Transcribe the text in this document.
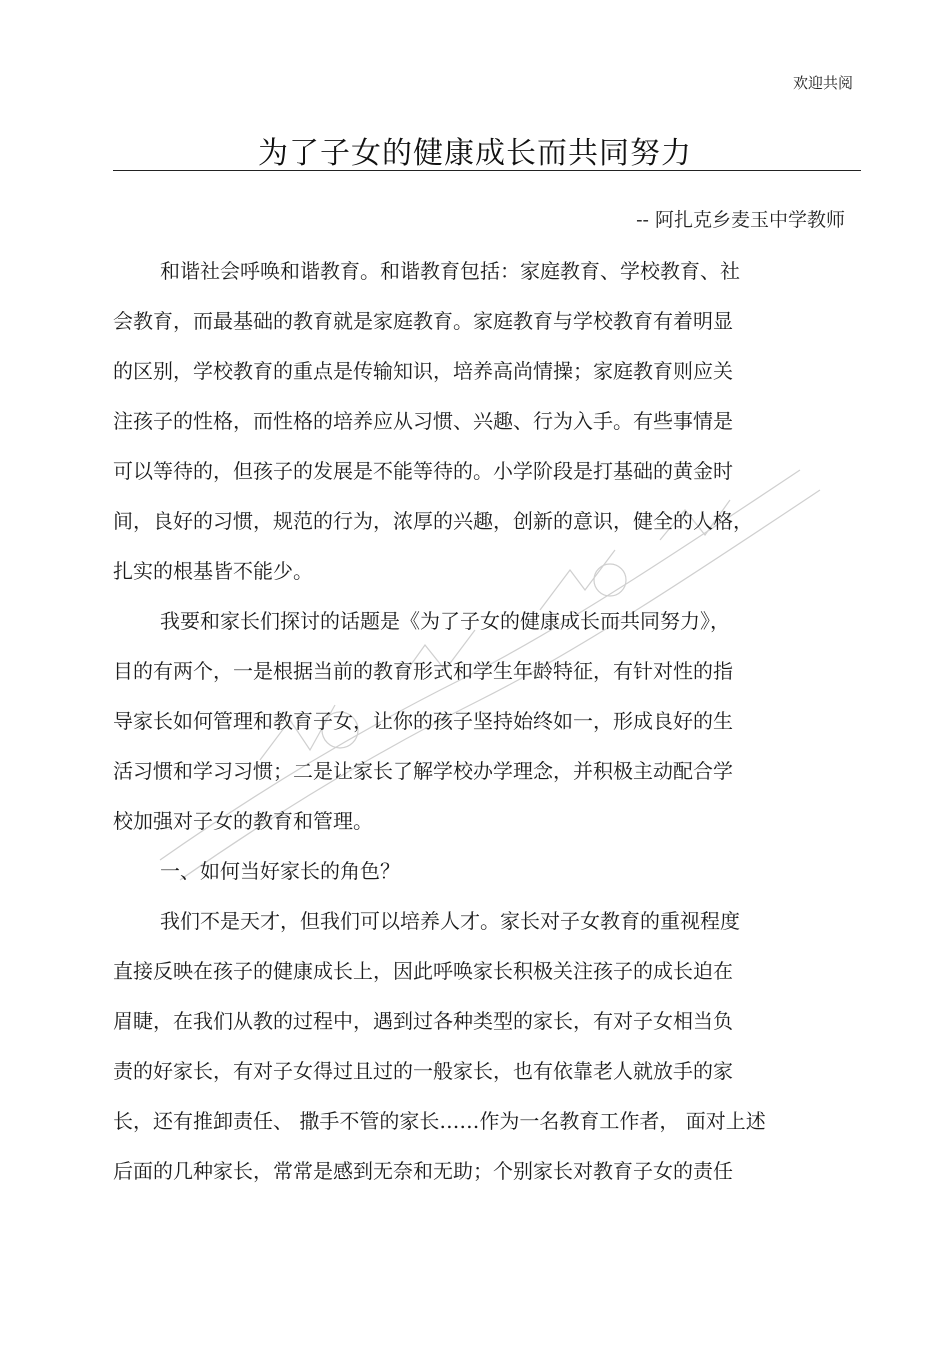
欢迎共阅
为了子女的健康成长而共同努力
-- 阿扎克乡麦玉中学教师
和谐社会呼唤和谐教育。和谐教育包括：家庭教育、学校教育、社
会教育，而最基础的教育就是家庭教育。家庭教育与学校教育有着明显
的区别，学校教育的重点是传输知识，培养高尚情操；家庭教育则应关
注孩子的性格，而性格的培养应从习惯、兴趣、行为入手。有些事情是
可以等待的，但孩子的发展是不能等待的。小学阶段是打基础的黄金时
间，良好的习惯，规范的行为，浓厚的兴趣，创新的意识，健全的人格，
扎实的根基皆不能少。
我要和家长们探讨的话题是《为了子女的健康成长而共同努力》，
目的有两个，一是根据当前的教育形式和学生年龄特征，有针对性的指
导家长如何管理和教育子女，让你的孩子坚持始终如一，形成良好的生
活习惯和学习习惯；二是让家长了解学校办学理念，并积极主动配合学
校加强对子女的教育和管理。
一、如何当好家长的角色？
我们不是天才，但我们可以培养人才。家长对子女教育的重视程度
直接反映在孩子的健康成长上，因此呼唤家长积极关注孩子的成长迫在
眉睫，在我们从教的过程中，遇到过各种类型的家长，有对子女相当负
责的好家长，有对子女得过且过的一般家长，也有依靠老人就放手的家
长，还有推卸责任、 撒手不管的家长……作为一名教育工作者， 面对上述
后面的几种家长，常常是感到无奈和无助；个别家长对教育子女的责任
